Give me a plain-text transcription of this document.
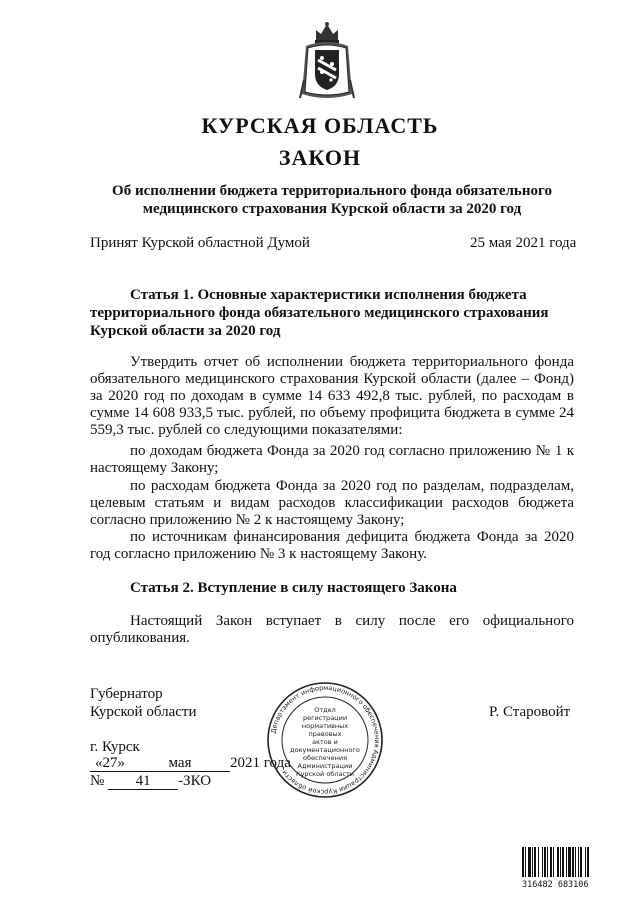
КУРСКАЯ ОБЛАСТЬ
ЗАКОН
Об исполнении бюджета территориального фонда обязательного
медицинского страхования Курской области за 2020 год
Принят Курской областной Думой	25 мая 2021 года
Статья 1. Основные характеристики исполнения бюджета
территориального фонда обязательного медицинского страхования
Курской области за 2020 год
Утвердить отчет об исполнении бюджета территориального фонда обязательного медицинского страхования Курской области (далее – Фонд) за 2020 год по доходам в сумме 14 633 492,8 тыс. рублей, по расходам в сумме 14 608 933,5 тыс. рублей, по объему профицита бюджета в сумме 24 559,3 тыс. рублей со следующими показателями:
по доходам бюджета Фонда за 2020 год согласно приложению № 1 к настоящему Закону;
по расходам бюджета Фонда за 2020 год по разделам, подразделам, целевым статьям и видам расходов классификации расходов бюджета согласно приложению № 2 к настоящему Закону;
по источникам финансирования дефицита бюджета Фонда за 2020 год согласно приложению № 3 к настоящему Закону.
Статья 2. Вступление в силу настоящего Закона
Настоящий Закон вступает в силу после его официального опубликования.
Губернатор
Курской области	Р. Старовойт
г. Курск
«27»	мая	2021 года
№ 41 -ЗКО
Департамент информационного обеспечения Администрации Курской области
Отдел
регистрации
нормативных
правовых
актов и
документационного
обеспечения
Администрации
Курской области
316482 683106
